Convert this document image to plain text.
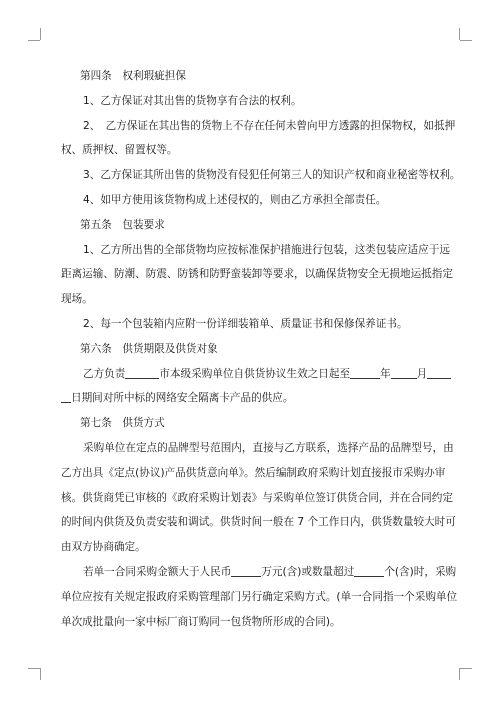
第四条　权利瑕疵担保
1、乙方保证对其出售的货物享有合法的权利。
2、　乙方保证在其出售的货物上不存在任何未曾向甲方透露的担保物权，如抵押
权、质押权、留置权等。
3、乙方保证其所出售的货物没有侵犯任何第三人的知识产权和商业秘密等权利。
4、如甲方使用该货物构成上述侵权的，则由乙方承担全部责任。
第五条　包装要求
1、乙方所出售的全部货物均应按标准保护措施进行包装，这类包装应适应于远
距离运输、防潮、防震、防锈和防野蛮装卸等要求，以确保货物安全无损地运抵指定
现场。
2、每一个包装箱内应附一份详细装箱单、质量证书和保修保养证书。
第六条　供货期限及供货对象
乙方负责	市本级采购单位自供货协议生效之日起至	年 月
日期间对所中标的网络安全隔离卡产品的供应。
第七条　供货方式
采购单位在定点的品牌型号范围内，直接与乙方联系，选择产品的品牌型号，由
乙方出具《定点(协议)产品供货意向单》。然后编制政府采购计划直接报市采购办审
核。供货商凭已审核的《政府采购计划表》与采购单位签订供货合同，并在合同约定
的时间内供货及负责安装和调试。供货时间一般在 7 个工作日内，供货数量较大时可
由双方协商确定。
若单一合同采购金额大于人民币	万元(含)或数量超过	个(含)时，采购
单位应按有关规定报政府采购管理部门另行确定采购方式。(单一合同指一个采购单位
单次成批量向一家中标厂商订购同一包货物所形成的合同)。
